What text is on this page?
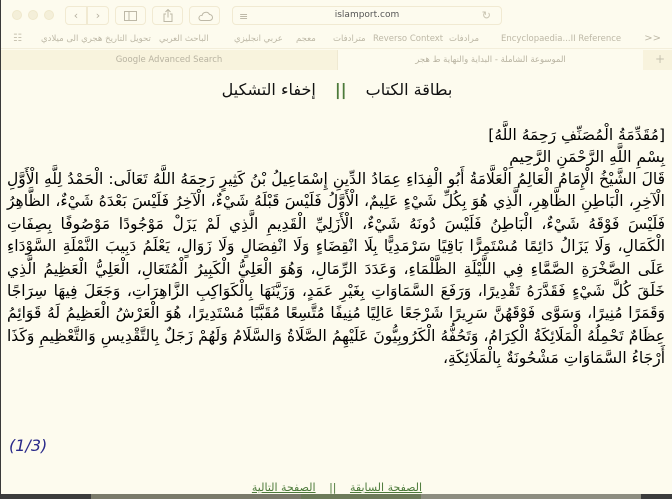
‹ ›	≡	islamport.com	↻
☷ تحويل التاريخ هجري الى ميلادي الباحث العربي	عربي انجليزي معجم مترادفات Reverso Context مرادفات	Encyclopaedia...II Reference >>
Google Advanced Search	الموسوعة الشاملة - البداية والنهاية ط هجر	+
بطاقة الكتاب || إخفاء التشكيل
[مُقَدِّمَةُ الْمُصَنِّفِ رَحِمَهُ اللَّهُ]
بِسْمِ اللَّهِ الرَّحْمَنِ الرَّحِيمِ
قَالَ الشَّيْخُ الْإِمَامُ الْعَالِمُ الْعَلَّامَةُ أَبُو الْفِدَاءِ عِمَادُ الدِّينِ إِسْمَاعِيلُ بْنُ كَثِيرٍ رَحِمَهُ اللَّهُ تَعَالَى: الْحَمْدُ لِلَّهِ الْأَوَّلِ الْآخِرِ، الْبَاطِنِ الظَّاهِرِ، الَّذِي هُوَ بِكُلِّ شَيْءٍ عَلِيمٌ، الْأَوَّلُ فَلَيْسَ قَبْلَهُ شَيْءٌ، الْآخِرُ فَلَيْسَ بَعْدَهُ شَيْءٌ، الظَّاهِرُ فَلَيْسَ فَوْقَهُ شَيْءٌ، الْبَاطِنُ فَلَيْسَ دُونَهُ شَيْءٌ، الْأَزَلِيِّ الْقَدِيمِ الَّذِي لَمْ يَزَلْ مَوْجُودًا مَوْصُوفًا بِصِفَاتِ الْكَمَالِ، وَلَا يَزَالُ دَائِمًا مُسْتَمِرًّا بَاقِيًا سَرْمَدِيًّا بِلَا انْقِضَاءٍ وَلَا انْفِصَالٍ وَلَا زَوَالٍ، يَعْلَمُ دَبِيبَ النَّمْلَةِ السَّوْدَاءِ عَلَى الصَّخْرَةِ الصَّمَّاءِ فِي اللَّيْلَةِ الظَّلْمَاءِ، وَعَدَدَ الرِّمَالِ، وَهُوَ الْعَلِيُّ الْكَبِيرُ الْمُتَعَالِ، الْعَلِيُّ الْعَظِيمُ الَّذِي خَلَقَ كُلَّ شَيْءٍ فَقَدَّرَهُ تَقْدِيرًا، وَرَفَعَ السَّمَاوَاتِ بِغَيْرِ عَمَدٍ، وَزَيَّنَهَا بِالْكَوَاكِبِ الزَّاهِرَاتِ، وَجَعَلَ فِيهَا سِرَاجًا وَقَمَرًا مُنِيرًا، وَسَوَّى فَوْقَهُنَّ سَرِيرًا شَرْجَعًا عَالِيًا مُنِيفًا مُتَّسِعًا مُقَبَّبًا مُسْتَدِيرًا، هُوَ الْعَرْشُ الْعَظِيمُ لَهُ قَوَائِمُ عِظَامٌ تَحْمِلُهُ الْمَلَائِكَةُ الْكِرَامُ، وَتَحُفُّهُ الْكَرُوبِيُّونَ عَلَيْهِمُ الصَّلَاةُ وَالسَّلَامُ وَلَهُمْ زَجَلٌ بِالتَّقْدِيسِ وَالتَّعْظِيمِ وَكَذَا أَرْجَاءُ السَّمَاوَاتِ مَشْحُونَةٌ بِالْمَلَائِكَةِ،
(1/3)
الصفحة السابقة || الصفحة التالية
